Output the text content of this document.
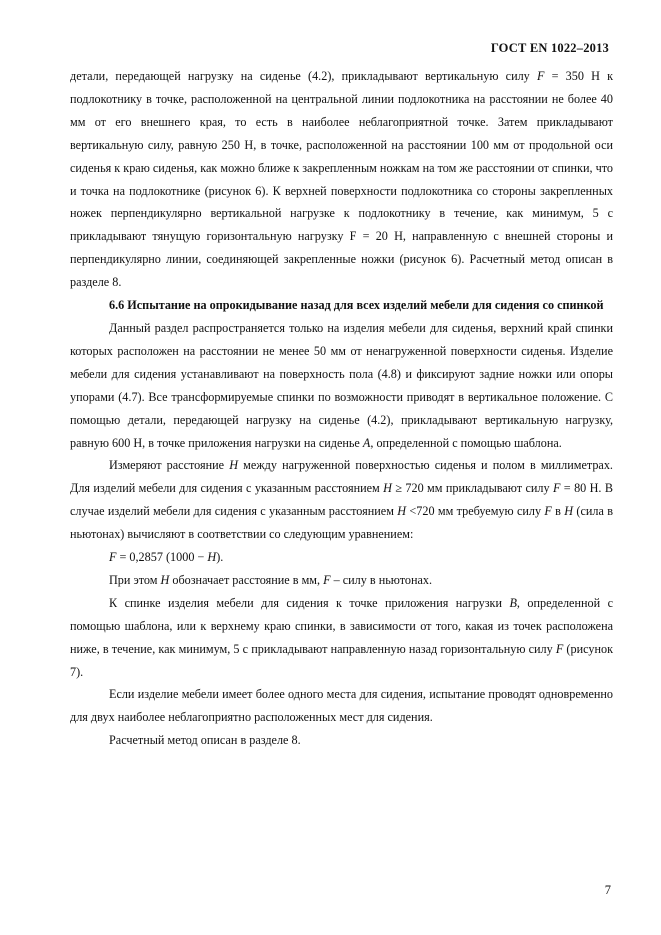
ГОСТ EN 1022–2013

детали, передающей нагрузку на сиденье (4.2), прикладывают вертикальную силу F = 350 Н к подлокотнику в точке, расположенной на центральной линии подлокотника на расстоянии не более 40 мм от его внешнего края, то есть в наиболее неблагоприятной точке. Затем прикладывают вертикальную силу, равную 250 Н, в точке, расположенной на расстоянии 100 мм от продольной оси сиденья к краю сиденья, как можно ближе к закрепленным ножкам на том же расстоянии от спинки, что и точка на подлокотнике (рисунок 6). К верхней поверхности подлокотника со стороны закрепленных ножек перпендикулярно вертикальной нагрузке к подлокотнику в течение, как минимум, 5 с прикладывают тянущую горизонтальную нагрузку F = 20 Н, направленную с внешней стороны и перпендикулярно линии, соединяющей закрепленные ножки (рисунок 6). Расчетный метод описан в разделе 8.

6.6 Испытание на опрокидывание назад для всех изделий мебели для сидения со спинкой

Данный раздел распространяется только на изделия мебели для сиденья, верхний край спинки которых расположен на расстоянии не менее 50 мм от ненагруженной поверхности сиденья. Изделие мебели для сидения устанавливают на поверхность пола (4.8) и фиксируют задние ножки или опоры упорами (4.7). Все трансформируемые спинки по возможности приводят в вертикальное положение. С помощью детали, передающей нагрузку на сиденье (4.2), прикладывают вертикальную нагрузку, равную 600 Н, в точке приложения нагрузки на сиденье A, определенной с помощью шаблона.

Измеряют расстояние H между нагруженной поверхностью сиденья и полом в миллиметрах. Для изделий мебели для сидения с указанным расстоянием H ≥ 720 мм прикладывают силу F = 80 Н. В случае изделий мебели для сидения с указанным расстоянием H <720 мм требуемую силу F в H (сила в ньютонах) вычисляют в соответствии со следующим уравнением:

F = 0,2857 (1000 − H).

При этом H обозначает расстояние в мм, F – силу в ньютонах.

К спинке изделия мебели для сидения к точке приложения нагрузки B, определенной с помощью шаблона, или к верхнему краю спинки, в зависимости от того, какая из точек расположена ниже, в течение, как минимум, 5 с прикладывают направленную назад горизонтальную силу F (рисунок 7).

Если изделие мебели имеет более одного места для сидения, испытание проводят одновременно для двух наиболее неблагоприятно расположенных мест для сидения.

Расчетный метод описан в разделе 8.

7
